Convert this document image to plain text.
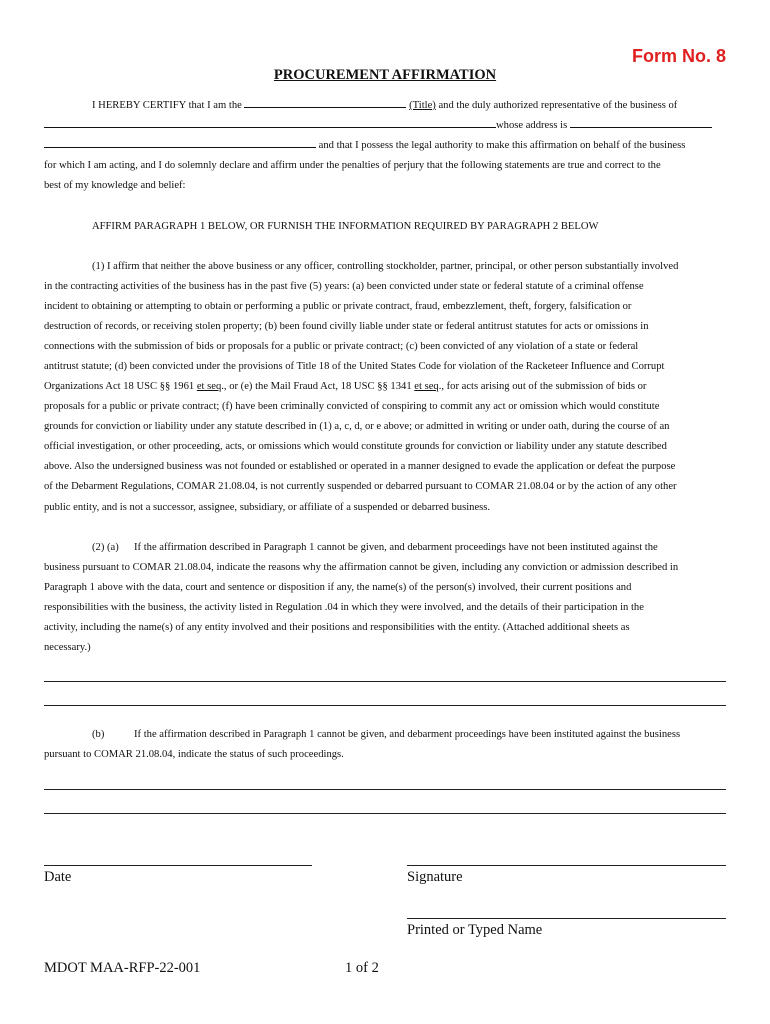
Form No. 8
PROCUREMENT AFFIRMATION
I HEREBY CERTIFY that I am the	(Title) and the duly authorized representative of the business of
whose address is
and that I possess the legal authority to make this affirmation on behalf of the business
for which I am acting, and I do solemnly declare and affirm under the penalties of perjury that the following statements are true and correct to the
best of my knowledge and belief:
AFFIRM PARAGRAPH 1 BELOW, OR FURNISH THE INFORMATION REQUIRED BY PARAGRAPH 2 BELOW
(1) I affirm that neither the above business or any officer, controlling stockholder, partner, principal, or other person substantially involved
in the contracting activities of the business has in the past five (5) years: (a) been convicted under state or federal statute of a criminal offense
incident to obtaining or attempting to obtain or performing a public or private contract, fraud, embezzlement, theft, forgery, falsification or
destruction of records, or receiving stolen property; (b) been found civilly liable under state or federal antitrust statutes for acts or omissions in
connections with the submission of bids or proposals for a public or private contract; (c) been convicted of any violation of a state or federal
antitrust statute; (d) been convicted under the provisions of Title 18 of the United States Code for violation of the Racketeer Influence and Corrupt
Organizations Act 18 USC §§ 1961 et seq., or (e) the Mail Fraud Act, 18 USC §§ 1341 et seq., for acts arising out of the submission of bids or
proposals for a public or private contract; (f) have been criminally convicted of conspiring to commit any act or omission which would constitute
grounds for conviction or liability under any statute described in (1) a, c, d, or e above; or admitted in writing or under oath, during the course of an
official investigation, or other proceeding, acts, or omissions which would constitute grounds for conviction or liability under any statute described
above. Also the undersigned business was not founded or established or operated in a manner designed to evade the application or defeat the purpose
of the Debarment Regulations, COMAR 21.08.04, is not currently suspended or debarred pursuant to COMAR 21.08.04 or by the action of any other
public entity, and is not a successor, assignee, subsidiary, or affiliate of a suspended or debarred business.
(2) (a) If the affirmation described in Paragraph 1 cannot be given, and debarment proceedings have not been instituted against the
business pursuant to COMAR 21.08.04, indicate the reasons why the affirmation cannot be given, including any conviction or admission described in
Paragraph 1 above with the data, court and sentence or disposition if any, the name(s) of the person(s) involved, their current positions and
responsibilities with the business, the activity listed in Regulation .04 in which they were involved, and the details of their participation in the
activity, including the name(s) of any entity involved and their positions and responsibilities with the entity. (Attached additional sheets as
necessary.)
(b)	If the affirmation described in Paragraph 1 cannot be given, and debarment proceedings have been instituted against the business
pursuant to COMAR 21.08.04, indicate the status of such proceedings.
Date	Signature
Printed or Typed Name
MDOT MAA-RFP-22-001	1 of 2
